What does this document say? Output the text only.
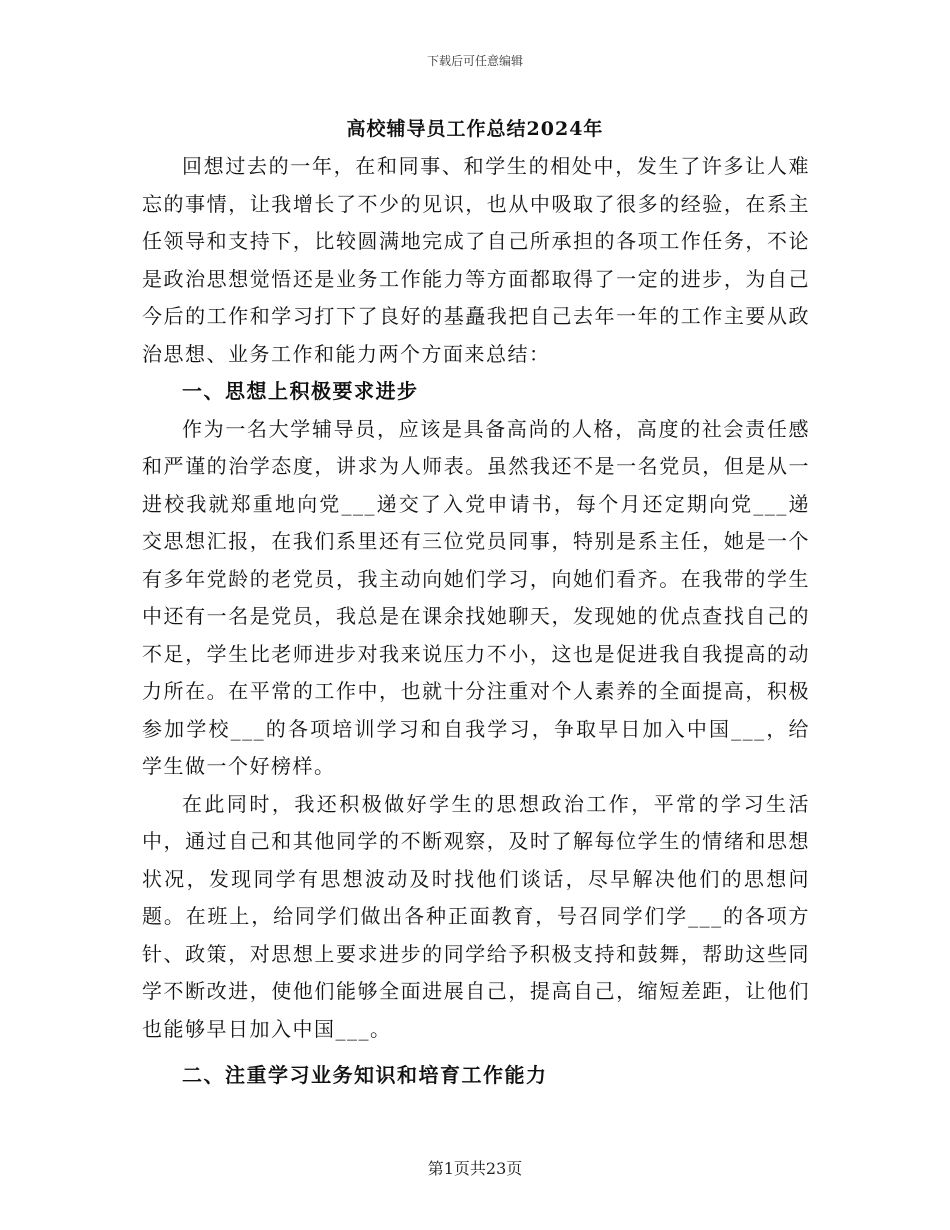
下载后可任意编辑
高校辅导员工作总结2024年

回想过去的一年，在和同事、和学生的相处中，发生了许多让人难忘的事情，让我增长了不少的见识，也从中吸取了很多的经验，在系主任领导和支持下，比较圆满地完成了自己所承担的各项工作任务，不论是政治思想觉悟还是业务工作能力等方面都取得了一定的进步，为自己今后的工作和学习打下了良好的基矗我把自己去年一年的工作主要从政治思想、业务工作和能力两个方面来总结：

一、思想上积极要求进步

作为一名大学辅导员，应该是具备高尚的人格，高度的社会责任感和严谨的治学态度，讲求为人师表。虽然我还不是一名党员，但是从一进校我就郑重地向党___递交了入党申请书，每个月还定期向党___递交思想汇报，在我们系里还有三位党员同事，特别是系主任，她是一个有多年党龄的老党员，我主动向她们学习，向她们看齐。在我带的学生中还有一名是党员，我总是在课余找她聊天，发现她的优点查找自己的不足，学生比老师进步对我来说压力不小，这也是促进我自我提高的动力所在。在平常的工作中，也就十分注重对个人素养的全面提高，积极参加学校___的各项培训学习和自我学习，争取早日加入中国___，给学生做一个好榜样。

在此同时，我还积极做好学生的思想政治工作，平常的学习生活中，通过自己和其他同学的不断观察，及时了解每位学生的情绪和思想状况，发现同学有思想波动及时找他们谈话，尽早解决他们的思想问题。在班上，给同学们做出各种正面教育，号召同学们学___的各项方针、政策，对思想上要求进步的同学给予积极支持和鼓舞，帮助这些同学不断改进，使他们能够全面进展自己，提高自己，缩短差距，让他们也能够早日加入中国___。

二、注重学习业务知识和培育工作能力

第1页共23页
